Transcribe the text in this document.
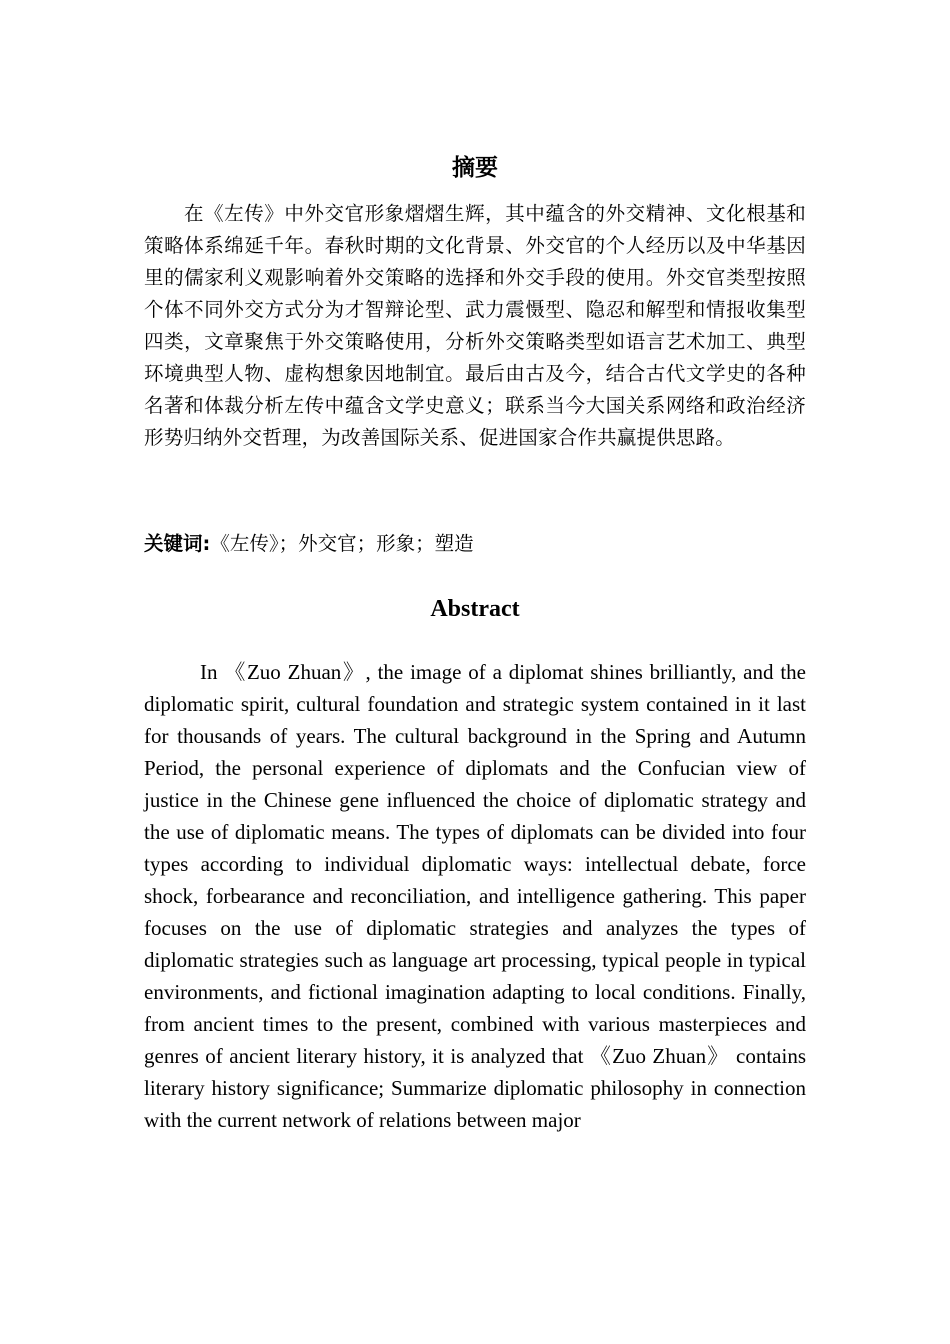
摘要

在《左传》中外交官形象熠熠生辉，其中蕴含的外交精神、文化根基和策略体系绵延千年。春秋时期的文化背景、外交官的个人经历以及中华基因里的儒家利义观影响着外交策略的选择和外交手段的使用。外交官类型按照个体不同外交方式分为才智辩论型、武力震慑型、隐忍和解型和情报收集型四类，文章聚焦于外交策略使用，分析外交策略类型如语言艺术加工、典型环境典型人物、虚构想象因地制宜。最后由古及今，结合古代文学史的各种名著和体裁分析左传中蕴含文学史意义；联系当今大国关系网络和政治经济形势归纳外交哲理，为改善国际关系、促进国家合作共赢提供思路。

关键词:《左传》；外交官；形象；塑造

Abstract

In 《Zuo Zhuan》, the image of a diplomat shines brilliantly, and the diplomatic spirit, cultural foundation and strategic system contained in it last for thousands of years. The cultural background in the Spring and Autumn Period, the personal experience of diplomats and the Confucian view of justice in the Chinese gene influenced the choice of diplomatic strategy and the use of diplomatic means. The types of diplomats can be divided into four types according to individual diplomatic ways: intellectual debate, force shock, forbearance and reconciliation, and intelligence gathering. This paper focuses on the use of diplomatic strategies and analyzes the types of diplomatic strategies such as language art processing, typical people in typical environments, and fictional imagination adapting to local conditions. Finally, from ancient times to the present, combined with various masterpieces and genres of ancient literary history, it is analyzed that 《Zuo Zhuan》 contains literary history significance; Summarize diplomatic philosophy in connection with the current network of relations between major
